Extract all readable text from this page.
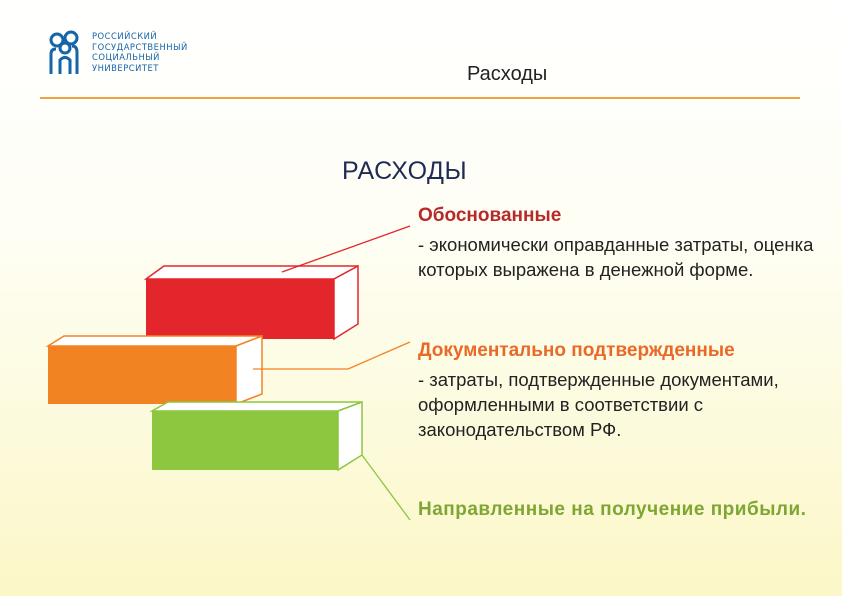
РОССИЙСКИЙ
ГОСУДАРСТВЕННЫЙ
СОЦИАЛЬНЫЙ
УНИВЕРСИТЕТ	Расходы
РАСХОДЫ
Обоснованные
- экономически оправданные затраты, оценка которых выражена в денежной форме.
Документально подтвержденные
- затраты, подтвержденные документами, оформленными в соответствии с законодательством РФ.
Направленные на получение прибыли.
